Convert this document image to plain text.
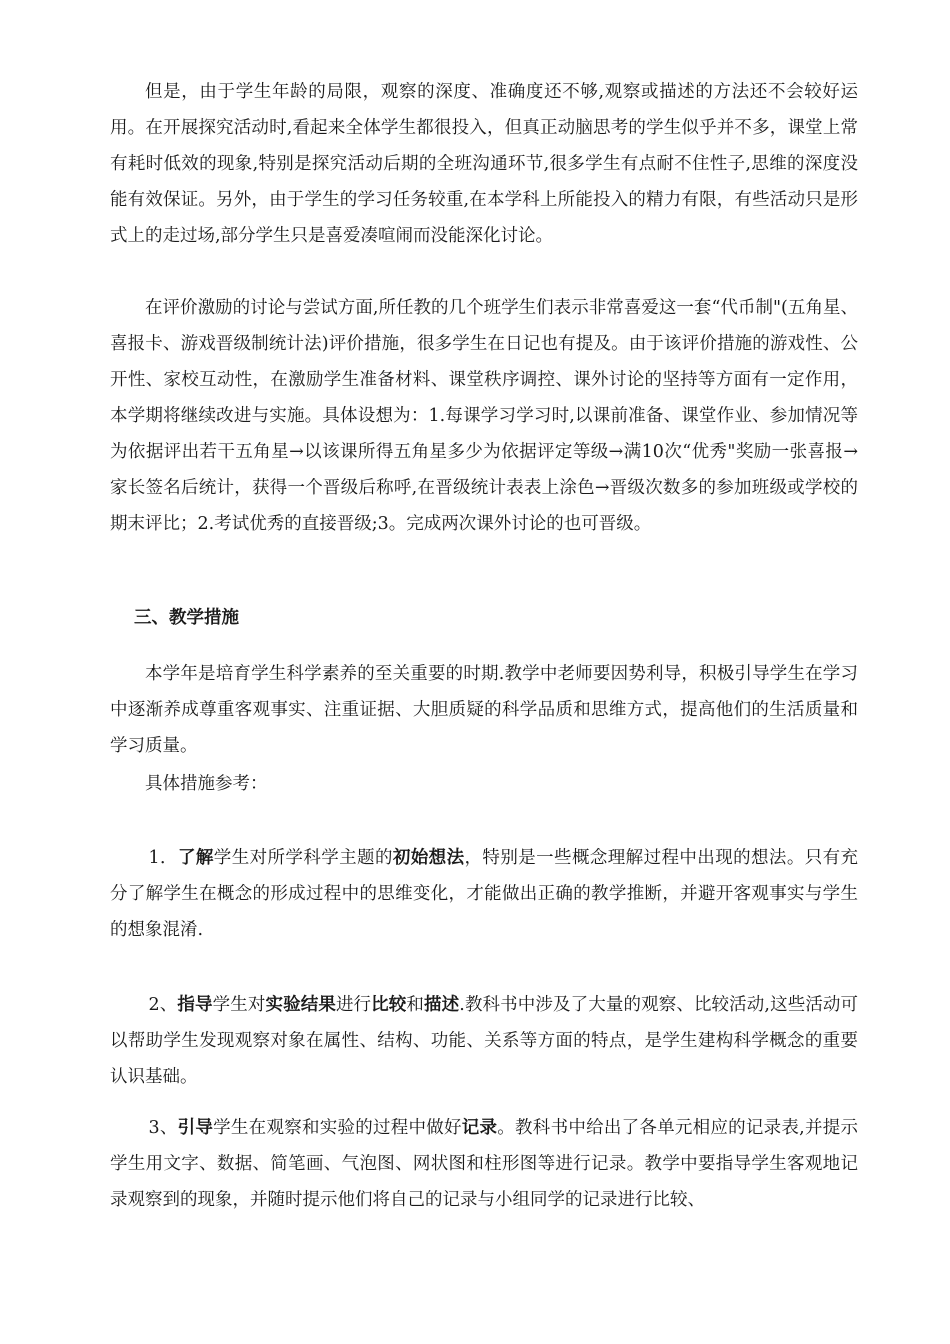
但是，由于学生年龄的局限，观察的深度、准确度还不够,观察或描述的方法还不会较好运用。在开展探究活动时,看起来全体学生都很投入，但真正动脑思考的学生似乎并不多，课堂上常有耗时低效的现象,特别是探究活动后期的全班沟通环节,很多学生有点耐不住性子,思维的深度没能有效保证。另外，由于学生的学习任务较重,在本学科上所能投入的精力有限，有些活动只是形式上的走过场,部分学生只是喜爱凑喧闹而没能深化讨论。

在评价激励的讨论与尝试方面,所任教的几个班学生们表示非常喜爱这一套“代币制"(五角星、喜报卡、游戏晋级制统计法)评价措施，很多学生在日记也有提及。由于该评价措施的游戏性、公开性、家校互动性，在激励学生准备材料、课堂秩序调控、课外讨论的坚持等方面有一定作用，本学期将继续改进与实施。具体设想为：1.每课学习学习时,以课前准备、课堂作业、参加情况等为依据评出若干五角星→以该课所得五角星多少为依据评定等级→满10次“优秀"奖励一张喜报→家长签名后统计，获得一个晋级后称呼,在晋级统计表表上涂色→晋级次数多的参加班级或学校的期末评比；2.考试优秀的直接晋级;3。完成两次课外讨论的也可晋级。

三、教学措施

本学年是培育学生科学素养的至关重要的时期.教学中老师要因势利导，积极引导学生在学习中逐渐养成尊重客观事实、注重证据、大胆质疑的科学品质和思维方式，提高他们的生活质量和学习质量。

具体措施参考：

1．了解学生对所学科学主题的初始想法，特别是一些概念理解过程中出现的想法。只有充分了解学生在概念的形成过程中的思维变化，才能做出正确的教学推断，并避开客观事实与学生的想象混淆.

2、指导学生对实验结果进行比较和描述.教科书中涉及了大量的观察、比较活动,这些活动可以帮助学生发现观察对象在属性、结构、功能、关系等方面的特点，是学生建构科学概念的重要认识基础。

3、引导学生在观察和实验的过程中做好记录。教科书中给出了各单元相应的记录表,并提示学生用文字、数据、简笔画、气泡图、网状图和柱形图等进行记录。教学中要指导学生客观地记录观察到的现象，并随时提示他们将自己的记录与小组同学的记录进行比较、
